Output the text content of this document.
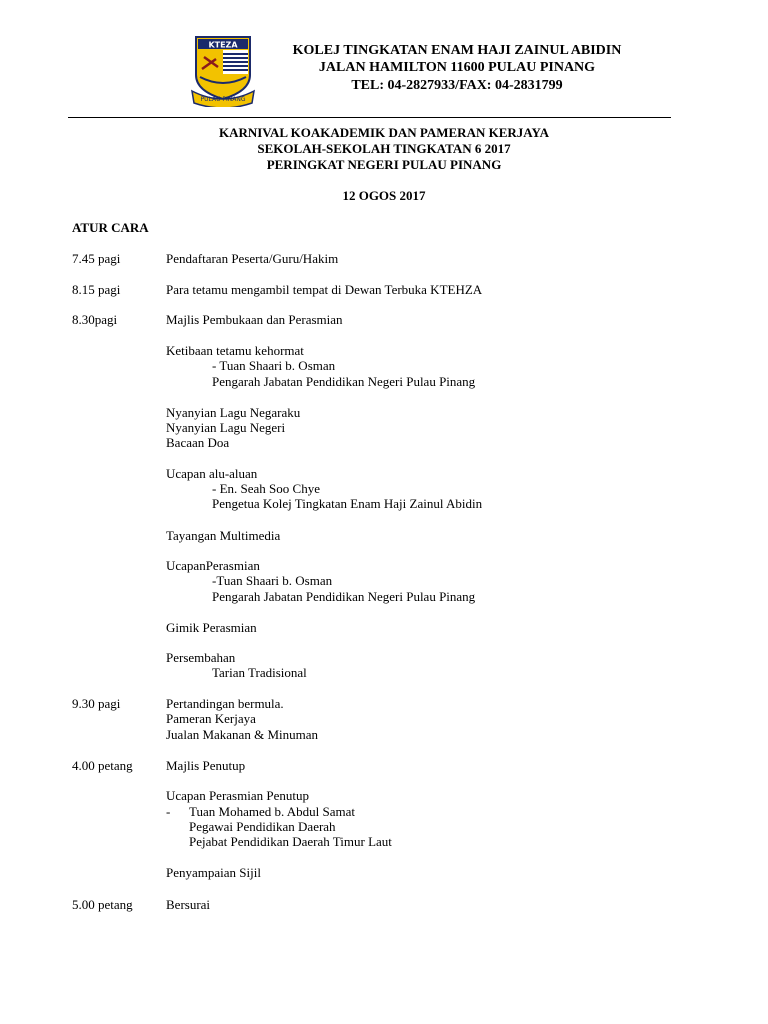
KTEZA
PULAU PINANG

KOLEJ TINGKATAN ENAM HAJI ZAINUL ABIDIN

JALAN HAMILTON 11600 PULAU PINANG

TEL: 04-2827933/FAX: 04-2831799

KARNIVAL KOAKADEMIK DAN PAMERAN KERJAYA

SEKOLAH-SEKOLAH TINGKATAN 6 2017

PERINGKAT NEGERI PULAU PINANG

12 OGOS 2017

ATUR CARA

7.45 pagi	Pendaftaran Peserta/Guru/Hakim

8.15 pagi	Para tetamu mengambil tempat di Dewan Terbuka KTEHZA

8.30pagi	Majlis Pembukaan dan Perasmian

Ketibaan tetamu kehormat

- Tuan Shaari b. Osman

Pengarah Jabatan Pendidikan Negeri Pulau Pinang

Nyanyian Lagu Negaraku

Nyanyian Lagu Negeri

Bacaan Doa

Ucapan alu-aluan

- En. Seah Soo Chye

Pengetua Kolej Tingkatan Enam Haji Zainul Abidin

Tayangan Multimedia

UcapanPerasmian

-Tuan Shaari b. Osman

Pengarah Jabatan Pendidikan Negeri Pulau Pinang

Gimik Perasmian

Persembahan

Tarian Tradisional

9.30 pagi	Pertandingan bermula.

Pameran Kerjaya

Jualan Makanan & Minuman

4.00 petang	Majlis Penutup

Ucapan Perasmian Penutup

- Tuan Mohamed b. Abdul Samat

Pegawai Pendidikan Daerah

Pejabat Pendidikan Daerah Timur Laut

Penyampaian Sijil

5.00 petang	Bersurai
